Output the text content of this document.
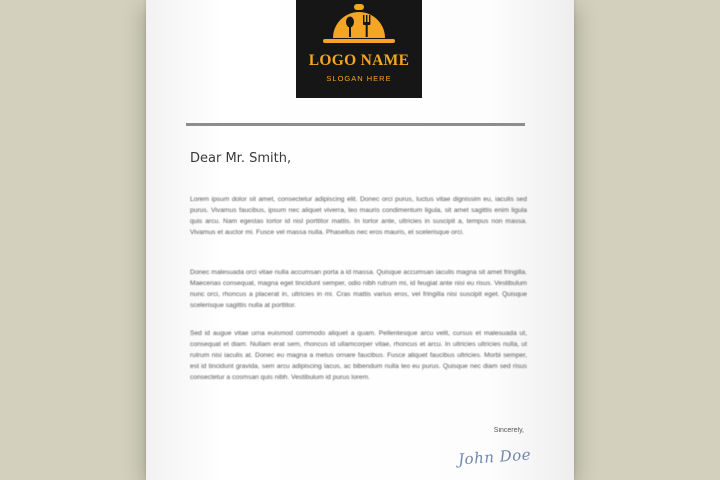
LOGO NAME
SLOGAN HERE
Dear Mr. Smith,

Lorem ipsum dolor sit amet, consectetur adipiscing elit. Donec orci purus, luctus vitae dignissim eu, iaculis sed purus. Vivamus faucibus, ipsum nec aliquet viverra, leo mauris condimentum ligula, sit amet sagittis enim ligula quis arcu. Nam egestas tortor id nisl porttitor mattis. In tortor ante, ultricies in suscipit a, tempus non massa. Vivamus et auctor mi. Fusce vel massa nulla. Phasellus nec eros mauris, et scelerisque orci.

Donec malesuada orci vitae nulla accumsan porta a id massa. Quisque accumsan iaculis magna sit amet fringilla. Maecenas consequat, magna eget tincidunt semper, odio nibh rutrum mi, id feugiat ante nisi eu risus. Vestibulum nunc orci, rhoncus a placerat in, ultricies in mi. Cras mattis varius eros, vel fringilla nisi suscipit eget. Quisque scelerisque sagittis nulla at porttitor.

Sed id augue vitae urna euismod commodo aliquet a quam. Pellentesque arcu velit, cursus et malesuada ut, consequat et diam. Nullam erat sem, rhoncus id ullamcorper vitae, rhoncus et arcu. In ultricies ultricies nulla, ut rutrum nisi iaculis at. Donec eu magna a metus ornare faucibus. Fusce aliquet faucibus ultricies. Morbi semper, est id tincidunt gravida, sem arcu adipiscing lacus, ac bibendum nulla leo eu purus. Quisque nec diam sed risus consectetur a cosmsan quis nibh. Vestibulum id purus lorem.

Sincerely,
John Doe
